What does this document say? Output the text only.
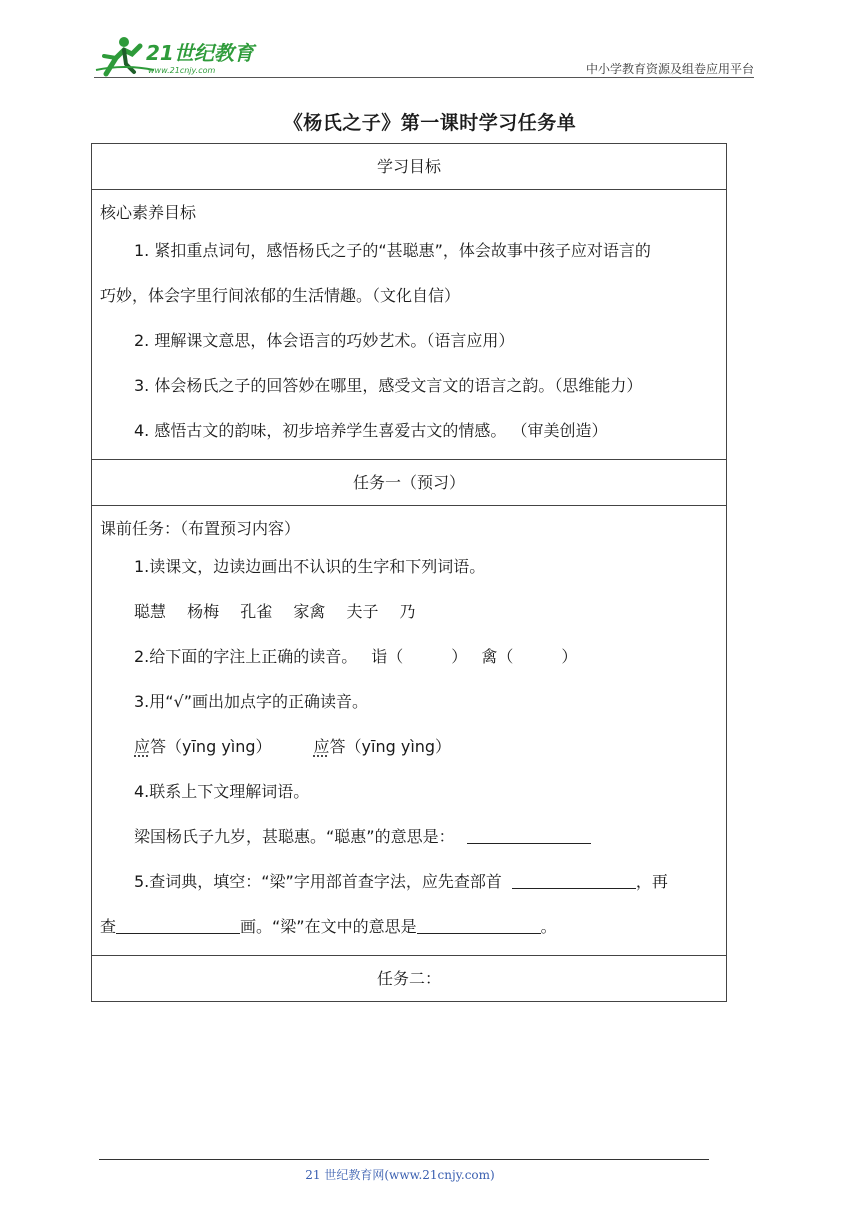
21世纪教育
www.21cnjy.com	中小学教育资源及组卷应用平台
《杨氏之子》第一课时学习任务单
学习目标

核心素养目标
1. 紧扣重点词句，感悟杨氏之子的“甚聪惠”，体会故事中孩子应对语言的
巧妙，体会字里行间浓郁的生活情趣。（文化自信）
2. 理解课文意思，体会语言的巧妙艺术。（语言应用）
3. 体会杨氏之子的回答妙在哪里，感受文言文的语言之韵。（思维能力）
4. 感悟古文的韵味，初步培养学生喜爱古文的情感。 （审美创造）

任务一（预习）

课前任务：（布置预习内容）
1.读课文，边读边画出不认识的生字和下列词语。
聪慧 杨梅 孔雀 家禽 夫子 乃
2.给下面的字注上正确的读音。 诣（	） 禽（	）
3.用“√”画出加点字的正确读音。
应答（yīng yìng）	应答（yīng yìng）
4.联系上下文理解词语。
梁国杨氏子九岁，甚聪惠。“聪惠”的意思是：
5.查词典，填空：“梁”字用部首查字法，应先查部首	，再
查	画。“梁”在文中的意思是	。

任务二：
21 世纪教育网(www.21cnjy.com)
